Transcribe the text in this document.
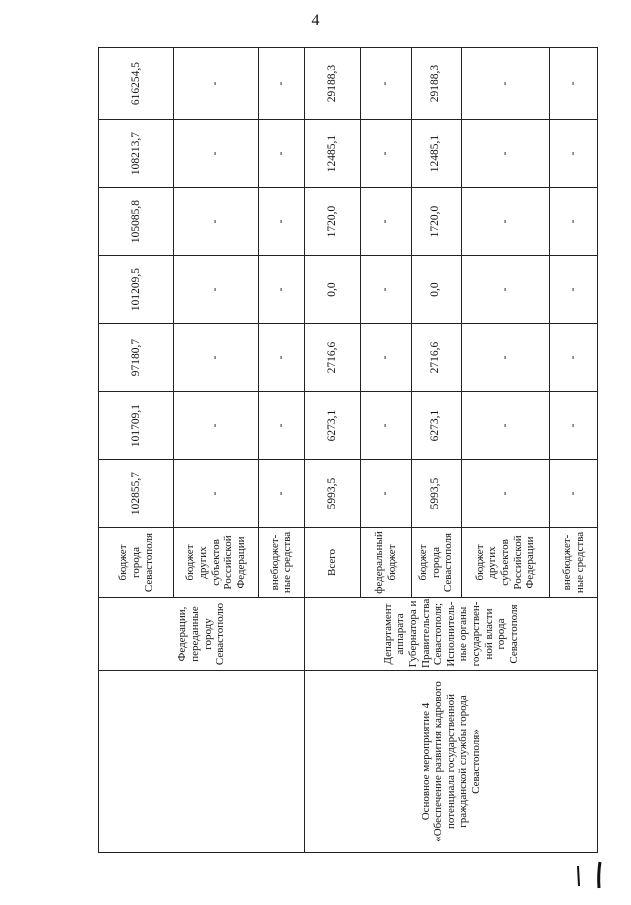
4
	Федерации, переданные городу Севастополю	бюджет города Севастополя	102855,7	101709,1	97180,7	101209,5	105085,8	108213,7	616254,5
		бюджет других субъектов Российской Федерации	-	-	-	-	-	-	-
		внебюджет-ные средства	-	-	-	-	-	-	-
Основное мероприятие 4 «Обеспечение развития кадрового потенциала государственной гражданской службы города Севастополя»	Департамент аппарата Губернатора и Правительства Севастополя; Исполнитель-ные органы государствен-ной власти города Севастополя	Всего	5993,5	6273,1	2716,6	0,0	1720,0	12485,1	29188,3
		федеральный бюджет	-	-	-	-	-	-	-
		бюджет города Севастополя	5993,5	6273,1	2716,6	0,0	1720,0	12485,1	29188,3
		бюджет других субъектов Российской Федерации	-	-	-	-	-	-	-
		внебюджет-ные средства	-	-	-	-	-	-	-
